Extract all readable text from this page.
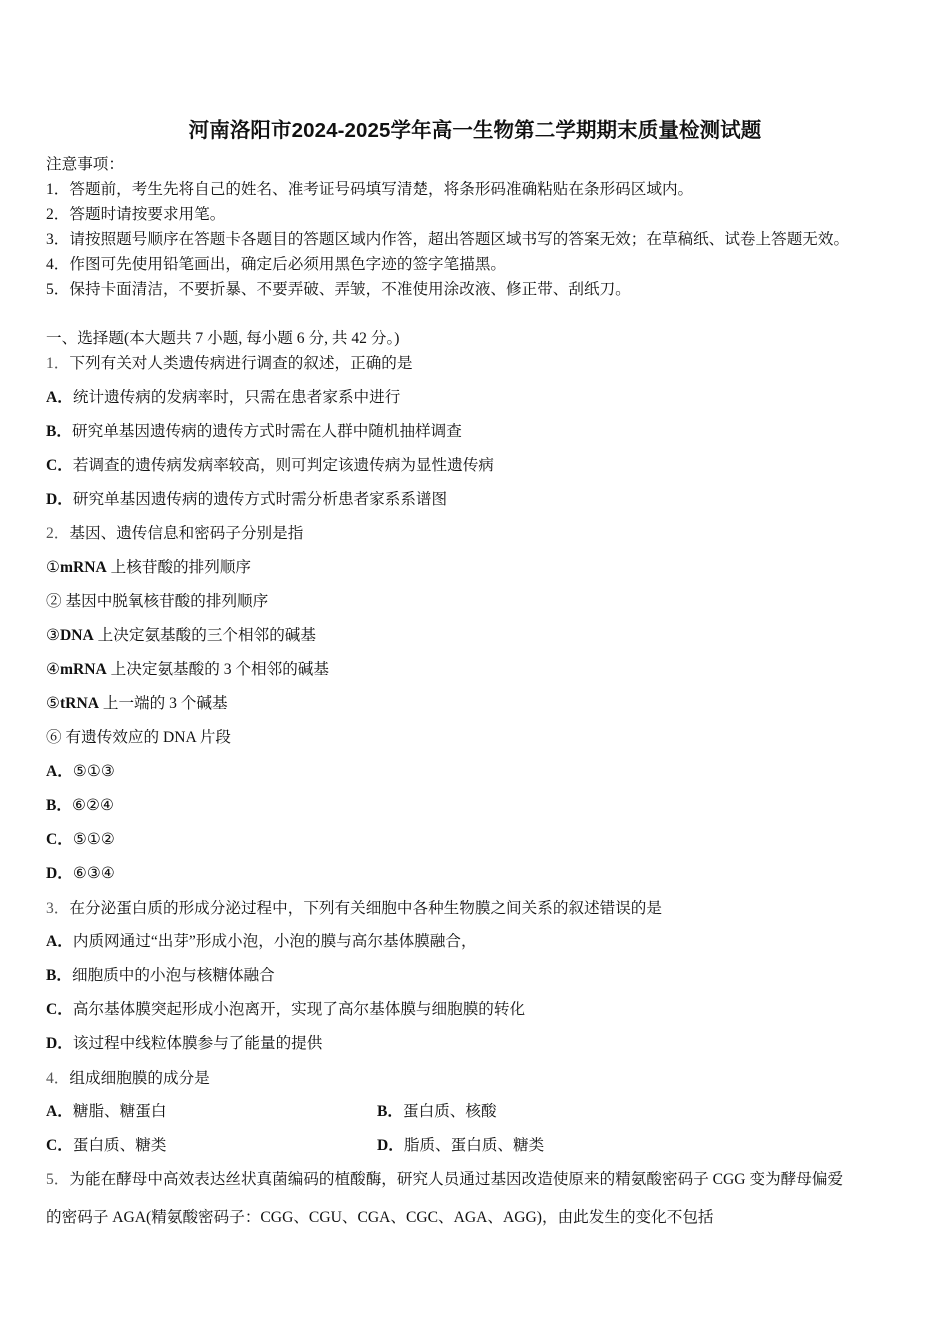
河南洛阳市2024-2025学年高一生物第二学期期末质量检测试题
注意事项：
1．答题前，考生先将自己的姓名、准考证号码填写清楚，将条形码准确粘贴在条形码区域内。
2．答题时请按要求用笔。
3．请按照题号顺序在答题卡各题目的答题区域内作答，超出答题区域书写的答案无效；在草稿纸、试卷上答题无效。
4．作图可先使用铅笔画出，确定后必须用黑色字迹的签字笔描黑。
5．保持卡面清洁，不要折暴、不要弄破、弄皱，不准使用涂改液、修正带、刮纸刀。
一、选择题(本大题共 7 小题, 每小题 6 分, 共 42 分。)
1．下列有关对人类遗传病进行调查的叙述，正确的是
A．统计遗传病的发病率时，只需在患者家系中进行
B．研究单基因遗传病的遗传方式时需在人群中随机抽样调查
C．若调查的遗传病发病率较高，则可判定该遗传病为显性遗传病
D．研究单基因遗传病的遗传方式时需分析患者家系系谱图
2．基因、遗传信息和密码子分别是指
①mRNA 上核苷酸的排列顺序
② 基因中脱氧核苷酸的排列顺序
③DNA 上决定氨基酸的三个相邻的碱基
④mRNA 上决定氨基酸的 3 个相邻的碱基
⑤tRNA 上一端的 3 个碱基
⑥ 有遗传效应的 DNA 片段
A．⑤①③
B．⑥②④
C．⑤①②
D．⑥③④
3．在分泌蛋白质的形成分泌过程中，下列有关细胞中各种生物膜之间关系的叙述错误的是
A．内质网通过“出芽”形成小泡，小泡的膜与高尔基体膜融合，
B．细胞质中的小泡与核糖体融合
C．高尔基体膜突起形成小泡离开，实现了高尔基体膜与细胞膜的转化
D．该过程中线粒体膜参与了能量的提供
4．组成细胞膜的成分是
A．糖脂、糖蛋白	B．蛋白质、核酸
C．蛋白质、糖类	D．脂质、蛋白质、糖类
5．为能在酵母中高效表达丝状真菌编码的植酸酶，研究人员通过基因改造使原来的精氨酸密码子 CGG 变为酵母偏爱
的密码子 AGA(精氨酸密码子：CGG、CGU、CGA、CGC、AGA、AGG)，由此发生的变化不包括
